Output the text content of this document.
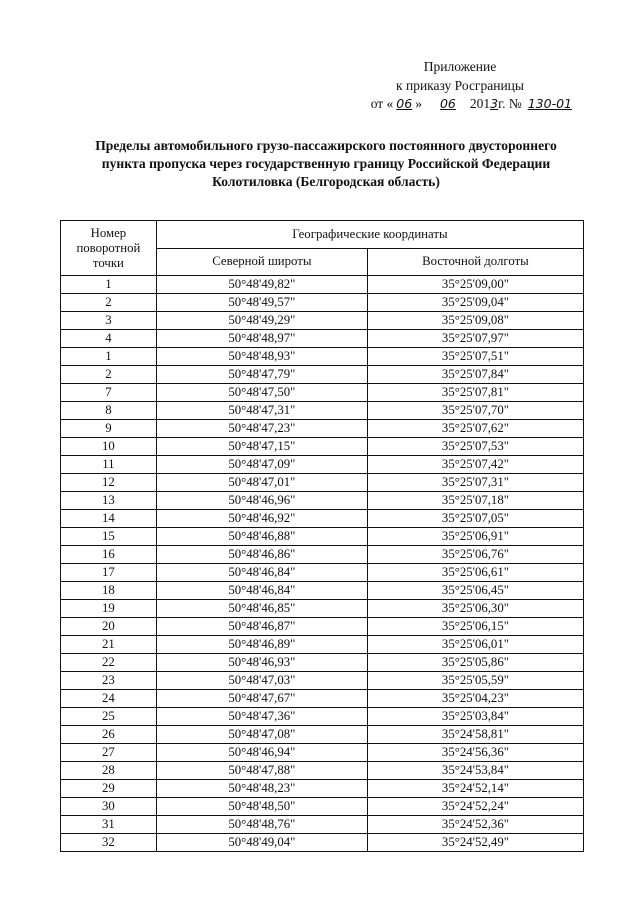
Приложение
к приказу Росграницы
от « 06 » 06 2013г. № 130-01
Пределы автомобильного грузо-пассажирского постоянного двустороннего
пункта пропуска через государственную границу Российской Федерации
Колотиловка (Белгородская область)
Номер поворотной точки	Географические координаты	
	Северной широты	Восточной долготы
1	50°48'49,82"	35°25'09,00"
2	50°48'49,57"	35°25'09,04"
3	50°48'49,29"	35°25'09,08"
4	50°48'48,97"	35°25'07,97"
1	50°48'48,93"	35°25'07,51"
2	50°48'47,79"	35°25'07,84"
7	50°48'47,50"	35°25'07,81"
8	50°48'47,31"	35°25'07,70"
9	50°48'47,23"	35°25'07,62"
10	50°48'47,15"	35°25'07,53"
11	50°48'47,09"	35°25'07,42"
12	50°48'47,01"	35°25'07,31"
13	50°48'46,96"	35°25'07,18"
14	50°48'46,92"	35°25'07,05"
15	50°48'46,88"	35°25'06,91"
16	50°48'46,86"	35°25'06,76"
17	50°48'46,84"	35°25'06,61"
18	50°48'46,84"	35°25'06,45"
19	50°48'46,85"	35°25'06,30"
20	50°48'46,87"	35°25'06,15"
21	50°48'46,89"	35°25'06,01"
22	50°48'46,93"	35°25'05,86"
23	50°48'47,03"	35°25'05,59"
24	50°48'47,67"	35°25'04,23"
25	50°48'47,36"	35°25'03,84"
26	50°48'47,08"	35°24'58,81"
27	50°48'46,94"	35°24'56,36"
28	50°48'47,88"	35°24'53,84"
29	50°48'48,23"	35°24'52,14"
30	50°48'48,50"	35°24'52,24"
31	50°48'48,76"	35°24'52,36"
32	50°48'49,04"	35°24'52,49"
